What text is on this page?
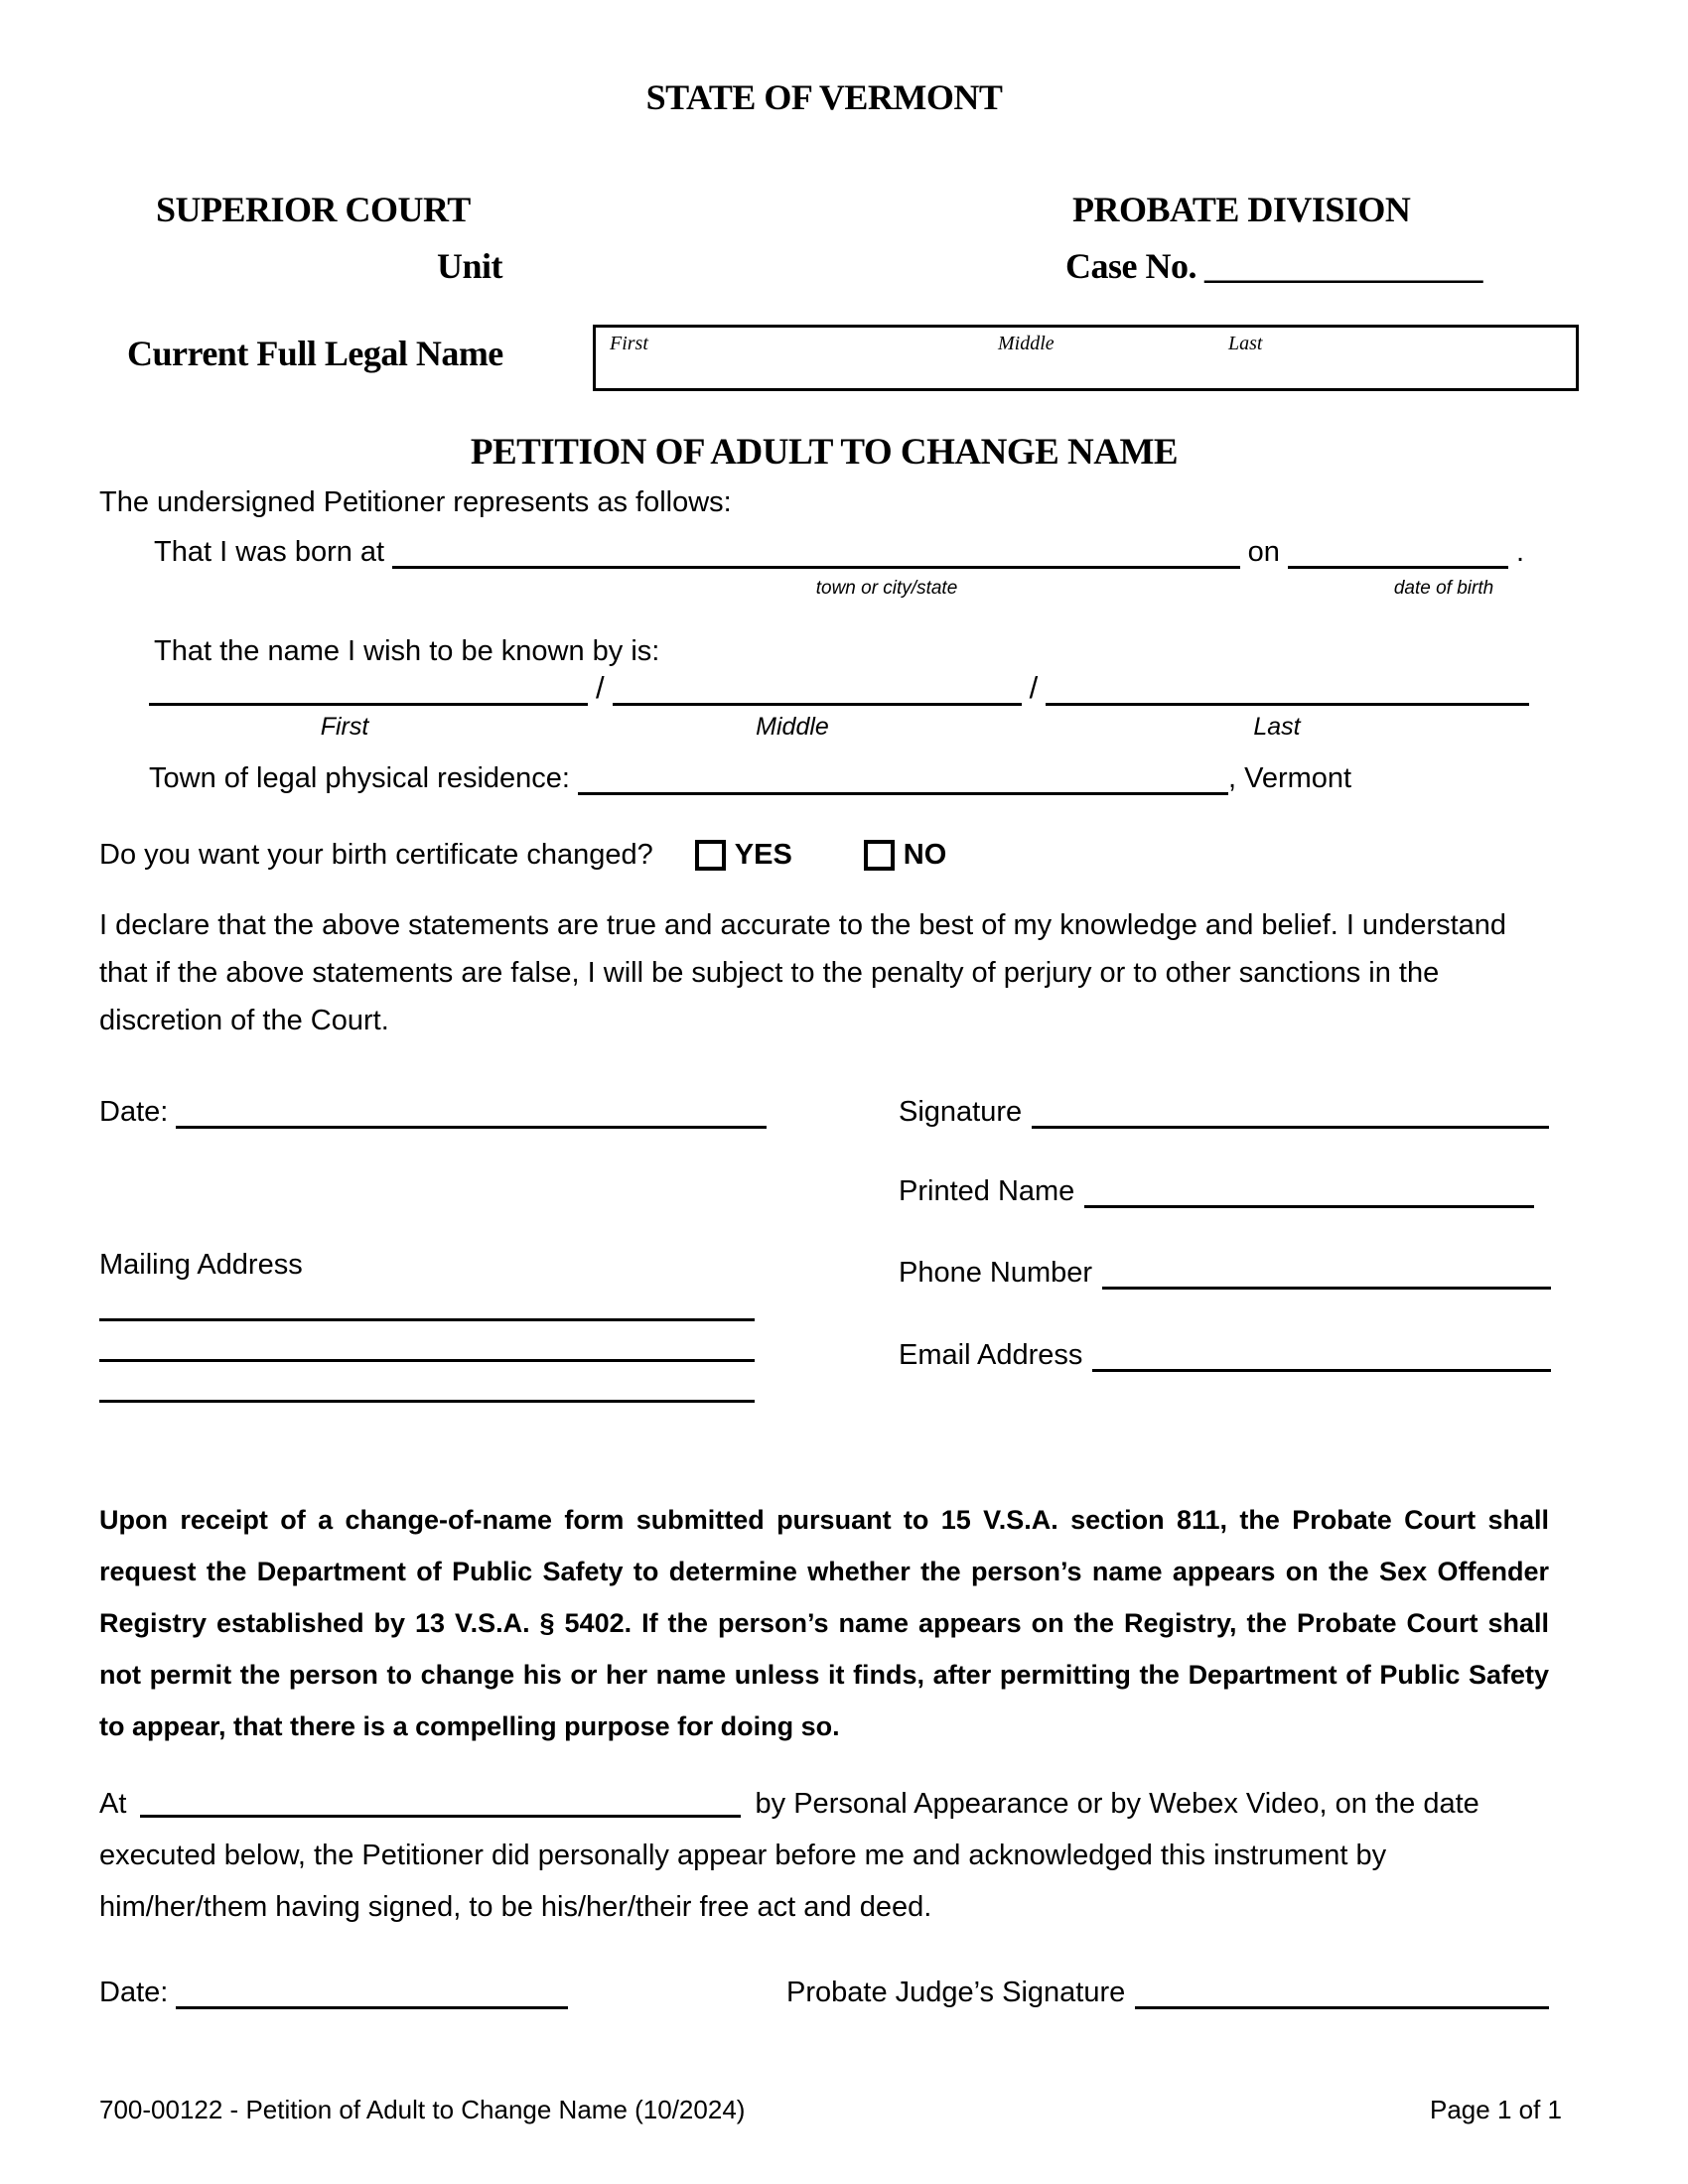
STATE OF VERMONT
SUPERIOR COURT	PROBATE DIVISION
Unit	Case No. ________________
Current Full Legal Name	First	Middle	Last
PETITION OF ADULT TO CHANGE NAME
The undersigned Petitioner represents as follows:
That I was born at	on	.
town or city/state	date of birth
That the name I wish to be known by is:
/	/
First	Middle	Last
Town of legal physical residence:	, Vermont
Do you want your birth certificate changed?	YES	NO
I declare that the above statements are true and accurate to the best of my knowledge and belief. I understand that if the above statements are false, I will be subject to the penalty of perjury or to other sanctions in the discretion of the Court.
Date:	Signature
Printed Name
Mailing Address	Phone Number
Email Address
Upon receipt of a change-of-name form submitted pursuant to 15 V.S.A. section 811, the Probate Court shall request the Department of Public Safety to determine whether the person’s name appears on the Sex Offender Registry established by 13 V.S.A. § 5402. If the person’s name appears on the Registry, the Probate Court shall not permit the person to change his or her name unless it finds, after permitting the Department of Public Safety to appear, that there is a compelling purpose for doing so.
At	by Personal Appearance or by Webex Video, on the date executed below, the Petitioner did personally appear before me and acknowledged this instrument by him/her/them having signed, to be his/her/their free act and deed.
Date:	Probate Judge’s Signature
700-00122 - Petition of Adult to Change Name (10/2024)	Page 1 of 1
